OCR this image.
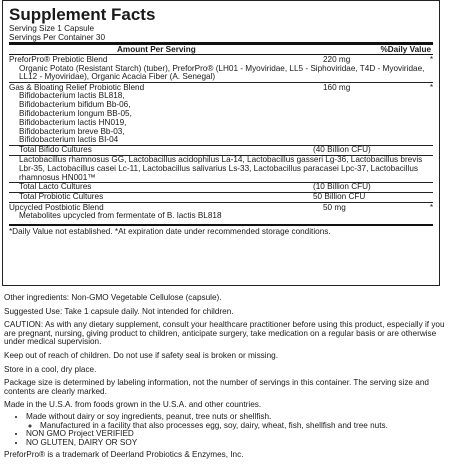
Supplement Facts
Serving Size 1 Capsule
Servings Per Container 30
Amount Per Serving	%Daily Value
PreforPro® Prebiotic Blend	220 mg	*
Organic Potato (Resistant Starch) (tuber), PreforPro® (LH01 - Myoviridae, LL5 - Siphoviridae, T4D - Myoviridae, LL12 - Myoviridae), Organic Acacia Fiber (A. Senegal)
Gas & Bloating Relief Probiotic Blend	160 mg	*
Bifidobacterium lactis BL818,
Bifidobacterium bifidum Bb-06,
Bifidobacterium longum BB-05,
Bifidobacterium lactis HN019,
Bifidobacterium breve Bb-03,
Bifidobacterium lactis BI-04
Total Bifido Cultures	(40 Billion CFU)
Lactobacillus rhamnosus GG, Lactobacillus acidophilus La-14, Lactobacillus gasseri Lg-36, Lactobacillus brevis Lbr-35, Lactobacillus casei Lc-11, Lactobacillus salivarius Ls-33, Lactobacillus paracasei Lpc-37, Lactobacillus rhamnosus HN001™
Total Lacto Cultures	(10 Billion CFU)
Total Probiotic Cultures	50 Billion CFU
Upcycled Postbiotic Blend	50 mg	*
Metabolites upcycled from fermentate of B. lactis BL818
*Daily Value not established. *At expiration date under recommended storage conditions.

Other ingredients: Non-GMO Vegetable Cellulose (capsule).

Suggested Use: Take 1 capsule daily. Not intended for children.

CAUTION: As with any dietary supplement, consult your healthcare practitioner before using this product, especially if you are pregnant, nursing, giving product to children, anticipate surgery, take medication on a regular basis or are otherwise under medical supervision.

Keep out of reach of children. Do not use if safety seal is broken or missing.

Store in a cool, dry place.

Package size is determined by labeling information, not the number of servings in this container. The serving size and contents are clearly marked.

Made in the U.S.A. from foods grown in the U.S.A. and other countries.

• Made without dairy or soy ingredients, peanut, tree nuts or shellfish.
◦ Manufactured in a facility that also processes egg, soy, dairy, wheat, fish, shellfish and tree nuts.
• NON GMO Project VERIFIED
• NO GLUTEN, DAIRY OR SOY

PreforPro® is a trademark of Deerland Probiotics & Enzymes, Inc.
